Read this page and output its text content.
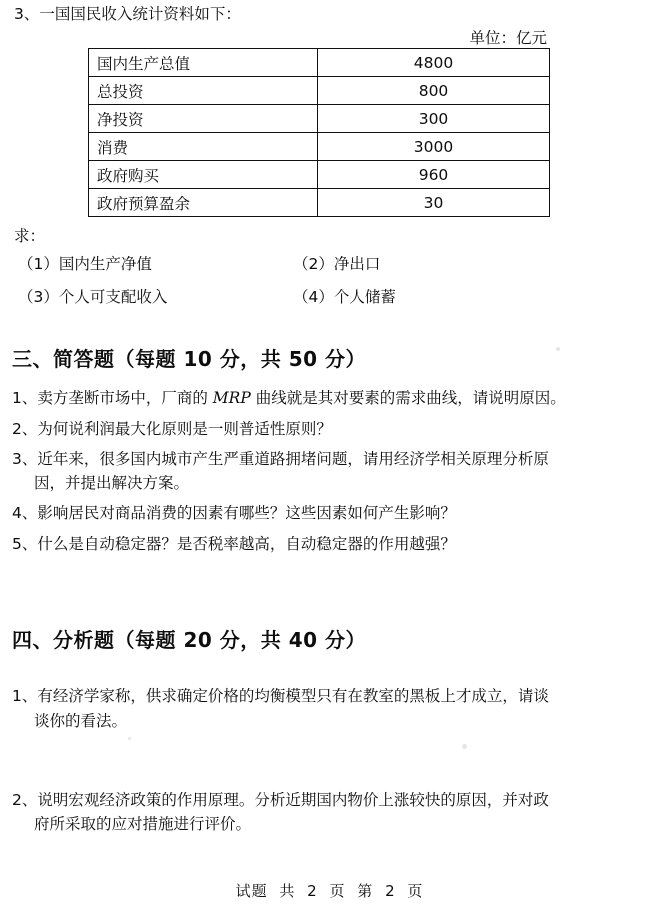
3、一国国民收入统计资料如下：
单位：亿元
国内生产总值	4800
总投资	800
净投资	300
消费	3000
政府购买	960
政府预算盈余	30
求：
（1）国内生产净值	（2）净出口
（3）个人可支配收入	（4）个人储蓄
三、简答题（每题 10 分，共 50 分）
1、卖方垄断市场中，厂商的 MRP 曲线就是其对要素的需求曲线，请说明原因。
2、为何说利润最大化原则是一则普适性原则？
3、近年来，很多国内城市产生严重道路拥堵问题，请用经济学相关原理分析原
因，并提出解决方案。
4、影响居民对商品消费的因素有哪些？这些因素如何产生影响？
5、什么是自动稳定器？是否税率越高，自动稳定器的作用越强？
四、分析题（每题 20 分，共 40 分）
1、有经济学家称，供求确定价格的均衡模型只有在教室的黑板上才成立，请谈
谈你的看法。
2、说明宏观经济政策的作用原理。分析近期国内物价上涨较快的原因，并对政
府所采取的应对措施进行评价。
试题 共 2 页 第 2 页
